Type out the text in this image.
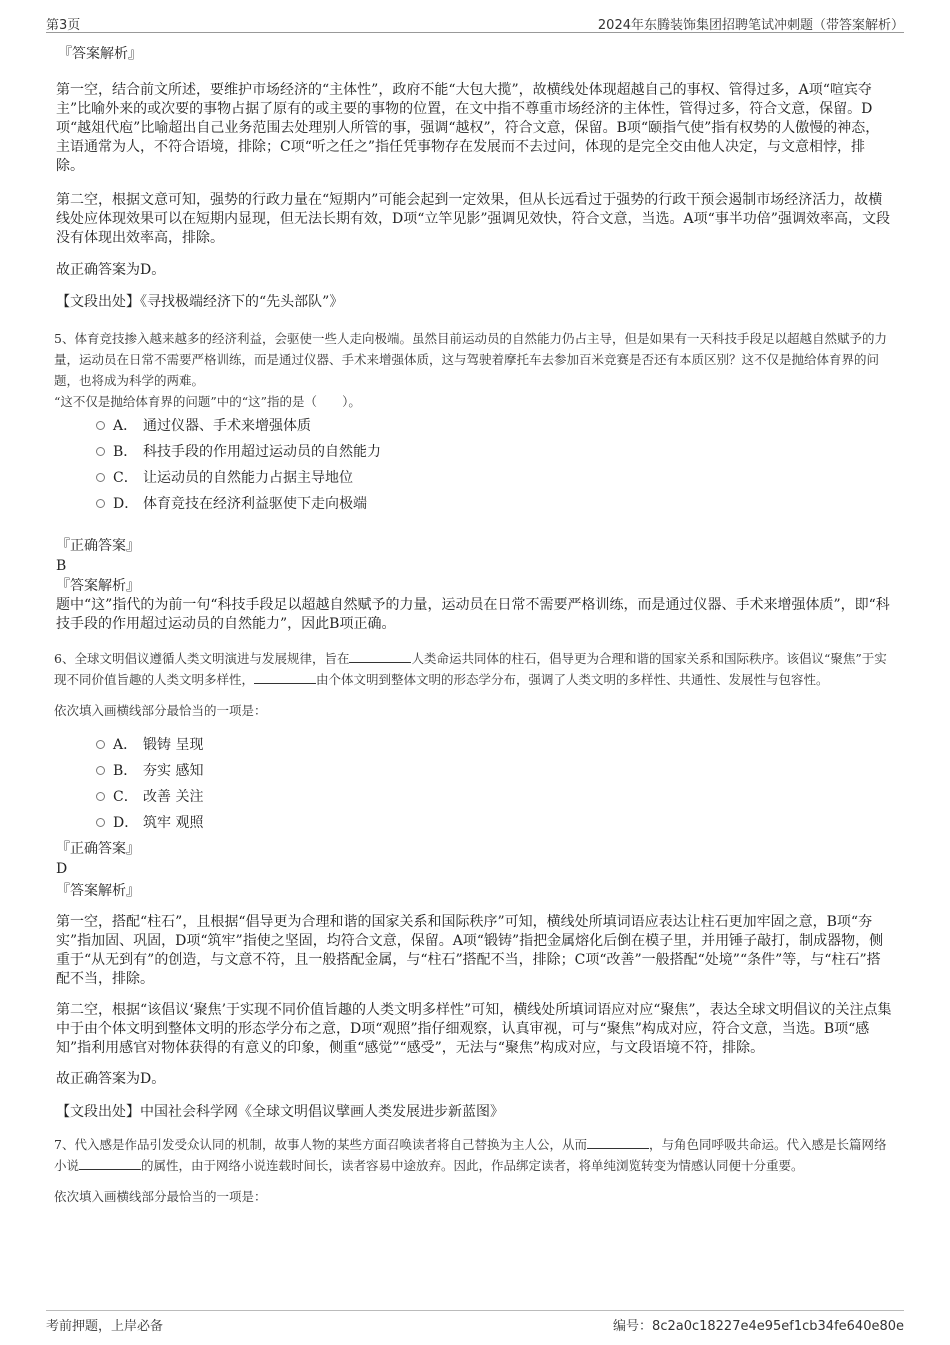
第3页	2024年东腾装饰集团招聘笔试冲刺题（带答案解析）

『答案解析』

第一空，结合前文所述，要维护市场经济的“主体性”，政府不能“大包大揽”，故横线处体现超越自己的事权、管得过多，A项“喧宾夺主”比喻外来的或次要的事物占据了原有的或主要的事物的位置，在文中指不尊重市场经济的主体性，管得过多，符合文意，保留。D项“越俎代庖”比喻超出自己业务范围去处理别人所管的事，强调“越权”，符合文意，保留。B项“颐指气使”指有权势的人傲慢的神态，主语通常为人，不符合语境，排除；C项“听之任之”指任凭事物存在发展而不去过问，体现的是完全交由他人决定，与文意相悖，排除。

第二空，根据文意可知，强势的行政力量在“短期内”可能会起到一定效果，但从长远看过于强势的行政干预会遏制市场经济活力，故横线处应体现效果可以在短期内显现，但无法长期有效，D项“立竿见影”强调见效快，符合文意，当选。A项“事半功倍”强调效率高，文段没有体现出效率高，排除。

故正确答案为D。

【文段出处】《寻找极端经济下的“先头部队”》

5、体育竞技掺入越来越多的经济利益，会驱使一些人走向极端。虽然目前运动员的自然能力仍占主导，但是如果有一天科技手段足以超越自然赋予的力量，运动员在日常不需要严格训练，而是通过仪器、手术来增强体质，这与驾驶着摩托车去参加百米竞赛是否还有本质区别？这不仅是抛给体育界的问题，也将成为科学的两难。

“这不仅是抛给体育界的问题”中的“这”指的是（　　）。

A． 通过仪器、手术来增强体质
B． 科技手段的作用超过运动员的自然能力
C． 让运动员的自然能力占据主导地位
D． 体育竞技在经济利益驱使下走向极端

『正确答案』

B

『答案解析』

题中“这”指代的为前一句“科技手段足以超越自然赋予的力量，运动员在日常不需要严格训练，而是通过仪器、手术来增强体质”，即“科技手段的作用超过运动员的自然能力”，因此B项正确。

6、全球文明倡议遵循人类文明演进与发展规律，旨在	人类命运共同体的柱石，倡导更为合理和谐的国家关系和国际秩序。该倡议“聚焦”于实现不同价值旨趣的人类文明多样性，	由个体文明到整体文明的形态学分布，强调了人类文明的多样性、共通性、发展性与包容性。

依次填入画横线部分最恰当的一项是：

A． 锻铸 呈现
B． 夯实 感知
C． 改善 关注
D． 筑牢 观照

『正确答案』

D

『答案解析』

第一空，搭配“柱石”，且根据“倡导更为合理和谐的国家关系和国际秩序”可知，横线处所填词语应表达让柱石更加牢固之意，B项“夯实”指加固、巩固，D项“筑牢”指使之坚固，均符合文意，保留。A项“锻铸”指把金属熔化后倒在模子里，并用锤子敲打，制成器物，侧重于“从无到有”的创造，与文意不符，且一般搭配金属，与“柱石”搭配不当，排除；C项“改善”一般搭配“处境”“条件”等，与“柱石”搭配不当，排除。

第二空，根据“该倡议‘聚焦’于实现不同价值旨趣的人类文明多样性”可知，横线处所填词语应对应“聚焦”，表达全球文明倡议的关注点集中于由个体文明到整体文明的形态学分布之意，D项“观照”指仔细观察，认真审视，可与“聚焦”构成对应，符合文意，当选。B项“感知”指利用感官对物体获得的有意义的印象，侧重“感觉”“感受”，无法与“聚焦”构成对应，与文段语境不符，排除。

故正确答案为D。

【文段出处】中国社会科学网《全球文明倡议擘画人类发展进步新蓝图》

7、代入感是作品引发受众认同的机制，故事人物的某些方面召唤读者将自己替换为主人公，从而	，与角色同呼吸共命运。代入感是长篇网络小说	的属性，由于网络小说连载时间长，读者容易中途放弃。因此，作品绑定读者，将单纯浏览转变为情感认同便十分重要。

依次填入画横线部分最恰当的一项是：

考前押题，上岸必备	编号：8c2a0c18227e4e95ef1cb34fe640e80e
